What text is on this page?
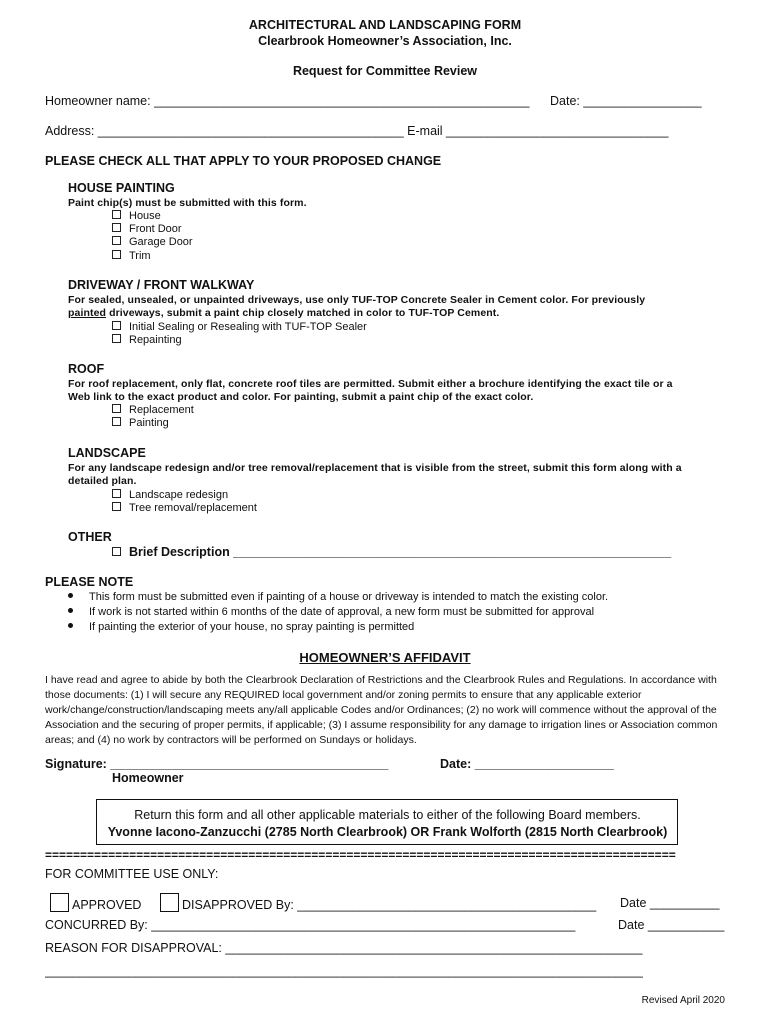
ARCHITECTURAL AND LANDSCAPING FORM
Clearbrook Homeowner’s Association, Inc.
Request for Committee Review
Homeowner name: ______________________________________________________ Date: _________________
Address: ____________________________________________ E-mail ________________________________
PLEASE CHECK ALL THAT APPLY TO YOUR PROPOSED CHANGE
HOUSE PAINTING
Paint chip(s) must be submitted with this form.
House
Front Door
Garage Door
Trim
DRIVEWAY / FRONT WALKWAY
For sealed, unsealed, or unpainted driveways, use only TUF-TOP Concrete Sealer in Cement color. For previously
painted driveways, submit a paint chip closely matched in color to TUF-TOP Cement.
Initial Sealing or Resealing with TUF-TOP Sealer
Repainting
ROOF
For roof replacement, only flat, concrete roof tiles are permitted. Submit either a brochure identifying the exact tile or a
Web link to the exact product and color. For painting, submit a paint chip of the exact color.
Replacement
Painting
LANDSCAPE
For any landscape redesign and/or tree removal/replacement that is visible from the street, submit this form along with a
detailed plan.
Landscape redesign
Tree removal/replacement
OTHER
Brief Description _______________________________________________________________
PLEASE NOTE
This form must be submitted even if painting of a house or driveway is intended to match the existing color.
If work is not started within 6 months of the date of approval, a new form must be submitted for approval
If painting the exterior of your house, no spray painting is permitted
HOMEOWNER’S AFFIDAVIT
I have read and agree to abide by both the Clearbrook Declaration of Restrictions and the Clearbrook Rules and Regulations. In accordance with those documents: (1) I will secure any REQUIRED local government and/or zoning permits to ensure that any applicable exterior work/change/construction/landscaping meets any/all applicable Codes and/or Ordinances; (2) no work will commence without the approval of the Association and the securing of proper permits, if applicable; (3) I assume responsibility for any damage to irrigation lines or Association common areas; and (4) no work by contractors will be performed on Sundays or holidays.
Signature: ________________________________________	Date: ____________________
Homeowner
Return this form and all other applicable materials to either of the following Board members.
Yvonne Iacono-Zanzucchi (2785 North Clearbrook) OR Frank Wolforth (2815 North Clearbrook)
==========================================================================================
FOR COMMITTEE USE ONLY:
APPROVED	DISAPPROVED By: ___________________________________________ Date __________
CONCURRED By: _____________________________________________________________	Date ___________
REASON FOR DISAPPROVAL: ____________________________________________________________
______________________________________________________________________________________
Revised April 2020
